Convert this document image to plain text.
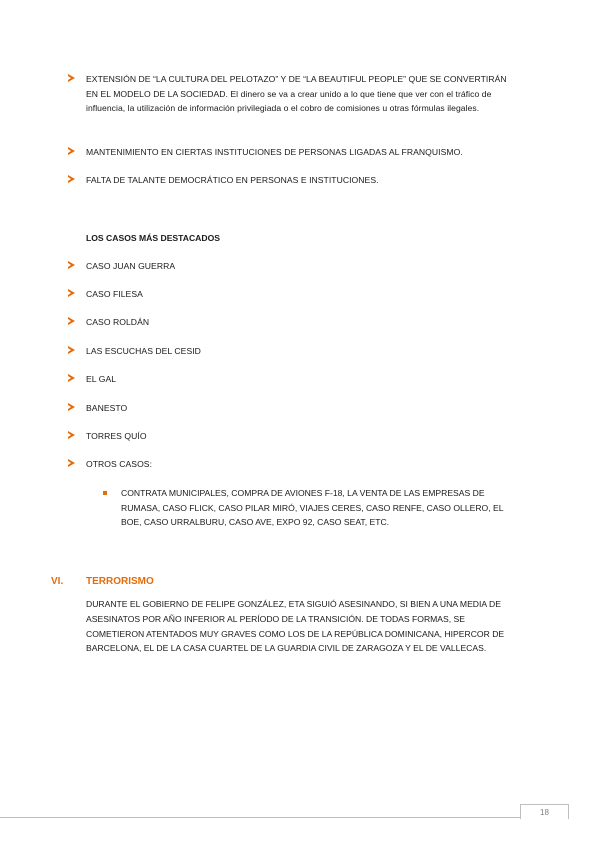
EXTENSIÓN DE “LA CULTURA DEL PELOTAZO” Y DE “LA BEAUTIFUL PEOPLE” QUE SE CONVERTIRÁN EN EL MODELO DE LA SOCIEDAD. El dinero se va a crear unido a lo que tiene que ver con el tráfico de influencia, la utilización de información privilegiada o el cobro de comisiones u otras fórmulas ilegales.
MANTENIMIENTO EN CIERTAS INSTITUCIONES DE PERSONAS LIGADAS AL FRANQUISMO.
FALTA DE TALANTE DEMOCRÁTICO EN PERSONAS E INSTITUCIONES.
LOS CASOS MÁS DESTACADOS
CASO JUAN GUERRA
CASO FILESA
CASO ROLDÁN
LAS ESCUCHAS DEL CESID
EL GAL
BANESTO
TORRES QUÍO
OTROS CASOS:
CONTRATA MUNICIPALES, COMPRA DE AVIONES F-18, LA VENTA DE LAS EMPRESAS DE RUMASA, CASO FLICK, CASO PILAR MIRÓ, VIAJES CERES, CASO RENFE, CASO OLLERO, EL BOE, CASO URRALBURU, CASO AVE, EXPO 92, CASO SEAT, ETC.
VI. TERRORISMO
DURANTE EL GOBIERNO DE FELIPE GONZÁLEZ, ETA SIGUIÓ ASESINANDO, SI BIEN A UNA MEDIA DE ASESINATOS POR AÑO INFERIOR AL PERÍODO DE LA TRANSICIÓN. DE TODAS FORMAS, SE COMETIERON ATENTADOS MUY GRAVES COMO LOS DE LA REPÚBLICA DOMINICANA, HIPERCOR DE BARCELONA, EL DE LA CASA CUARTEL DE LA GUARDIA CIVIL DE ZARAGOZA Y EL DE VALLECAS.
18
